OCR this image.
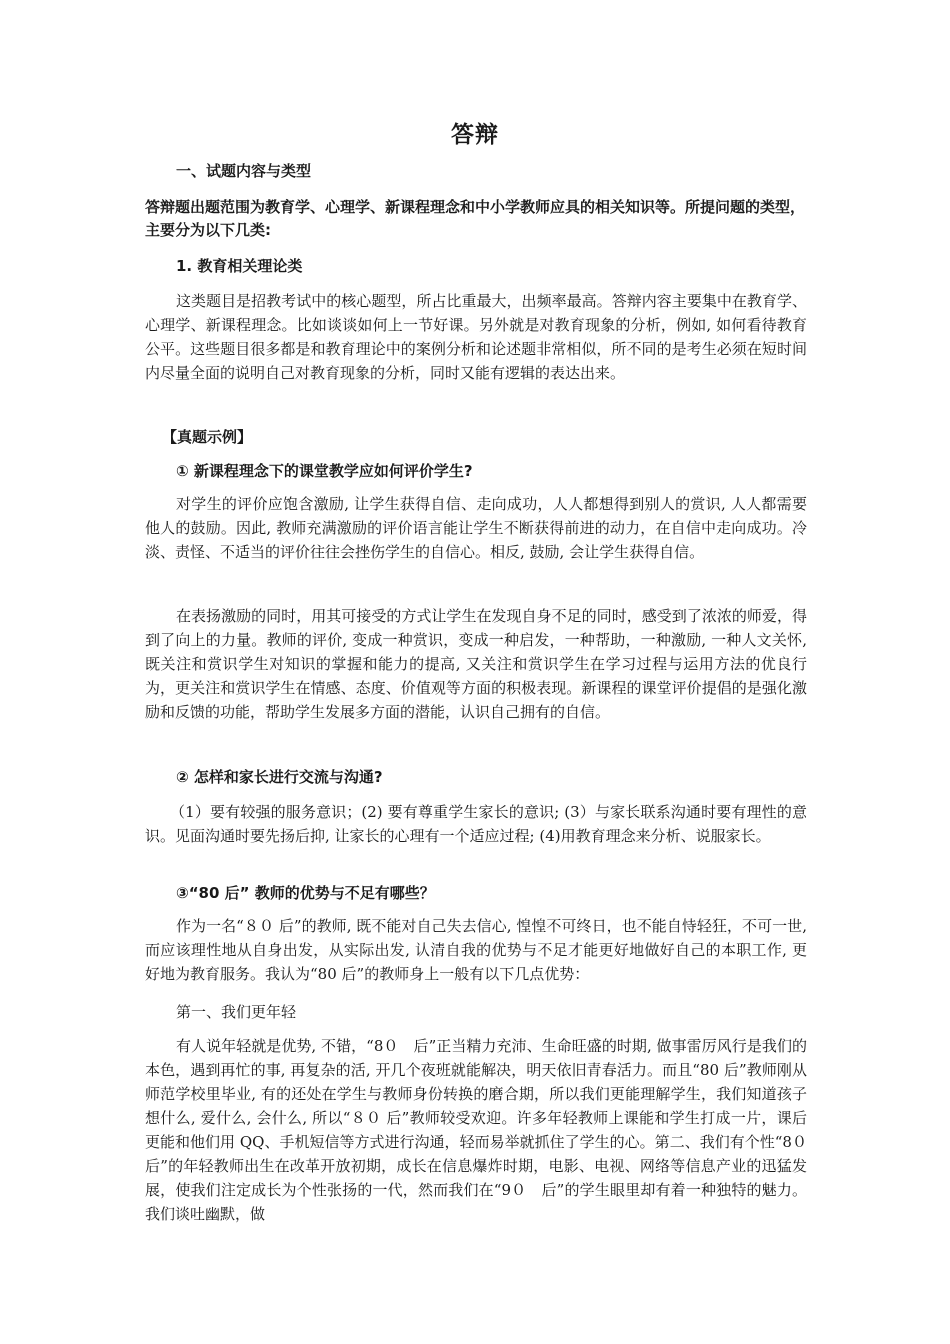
答辩

一、试题内容与类型

答辩题出题范围为教育学、心理学、新课程理念和中小学教师应具的相关知识等。所提问题的类型，主要分为以下几类:

1. 教育相关理论类

这类题目是招教考试中的核心题型，所占比重最大，出频率最高。答辩内容主要集中在教育学、心理学、新课程理念。比如谈谈如何上一节好课。另外就是对教育现象的分析，例如, 如何看待教育公平。这些题目很多都是和教育理论中的案例分析和论述题非常相似，所不同的是考生必须在短时间内尽量全面的说明自己对教育现象的分析，同时又能有逻辑的表达出来。

【真题示例】

① 新课程理念下的课堂教学应如何评价学生?

对学生的评价应饱含激励, 让学生获得自信、走向成功，人人都想得到别人的赏识, 人人都需要他人的鼓励。因此, 教师充满激励的评价语言能让学生不断获得前进的动力，在自信中走向成功。冷淡、责怪、不适当的评价往往会挫伤学生的自信心。相反, 鼓励, 会让学生获得自信。

在表扬激励的同时，用其可接受的方式让学生在发现自身不足的同时，感受到了浓浓的师爱，得到了向上的力量。教师的评价, 变成一种赏识，变成一种启发，一种帮助，一种激励, 一种人文关怀, 既关注和赏识学生对知识的掌握和能力的提高, 又关注和赏识学生在学习过程与运用方法的优良行为，更关注和赏识学生在情感、态度、价值观等方面的积极表现。新课程的课堂评价提倡的是强化激励和反馈的功能，帮助学生发展多方面的潜能，认识自己拥有的自信。

② 怎样和家长进行交流与沟通?

（1）要有较强的服务意识；(2) 要有尊重学生家长的意识; (3）与家长联系沟通时要有理性的意识。见面沟通时要先扬后抑, 让家长的心理有一个适应过程; (4)用教育理念来分析、说服家长。

③“80 后” 教师的优势与不足有哪些？

作为一名“８０ 后”的教师, 既不能对自己失去信心, 惶惶不可终日，也不能自恃轻狂，不可一世, 而应该理性地从自身出发，从实际出发, 认清自我的优势与不足才能更好地做好自己的本职工作, 更好地为教育服务。我认为“80 后”的教师身上一般有以下几点优势：

第一、我们更年轻

有人说年轻就是优势, 不错，“8０　后”正当精力充沛、生命旺盛的时期, 做事雷厉风行是我们的本色，遇到再忙的事, 再复杂的活, 开几个夜班就能解决，明天依旧青春活力。而且“80 后”教师刚从师范学校里毕业, 有的还处在学生与教师身份转换的磨合期，所以我们更能理解学生，我们知道孩子想什么, 爱什么, 会什么, 所以“８０ 后”教师较受欢迎。许多年轻教师上课能和学生打成一片，课后更能和他们用 QQ、手机短信等方式进行沟通，轻而易举就抓住了学生的心。第二、我们有个性“8０后”的年轻教师出生在改革开放初期，成长在信息爆炸时期，电影、电视、网络等信息产业的迅猛发展，使我们注定成长为个性张扬的一代，然而我们在“9０　后”的学生眼里却有着一种独特的魅力。我们谈吐幽默，做
